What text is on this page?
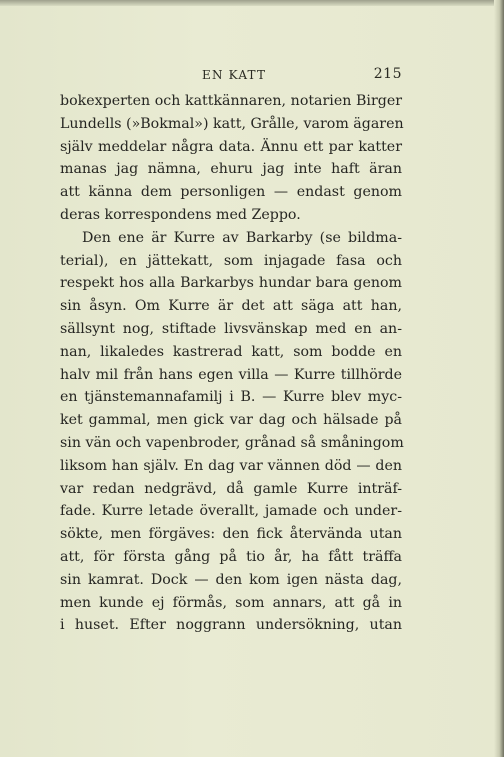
EN KATT	215
bokexperten och kattkännaren, notarien Birger
Lundells (»Bokmal») katt, Grålle, varom ägaren
själv meddelar några data. Ännu ett par katter
manas jag nämna, ehuru jag inte haft äran
att känna dem personligen — endast genom
deras korrespondens med Zeppo.
Den ene är Kurre av Barkarby (se bildma-
terial), en jättekatt, som injagade fasa och
respekt hos alla Barkarbys hundar bara genom
sin åsyn. Om Kurre är det att säga att han,
sällsynt nog, stiftade livsvänskap med en an-
nan, likaledes kastrerad katt, som bodde en
halv mil från hans egen villa — Kurre tillhörde
en tjänstemannafamilj i B. — Kurre blev myc-
ket gammal, men gick var dag och hälsade på
sin vän och vapenbroder, grånad så småningom
liksom han själv. En dag var vännen död — den
var redan nedgrävd, då gamle Kurre inträf-
fade. Kurre letade överallt, jamade och under-
sökte, men förgäves: den fick återvända utan
att, för första gång på tio år, ha fått träffa
sin kamrat. Dock — den kom igen nästa dag,
men kunde ej förmås, som annars, att gå in
i huset. Efter noggrann undersökning, utan
